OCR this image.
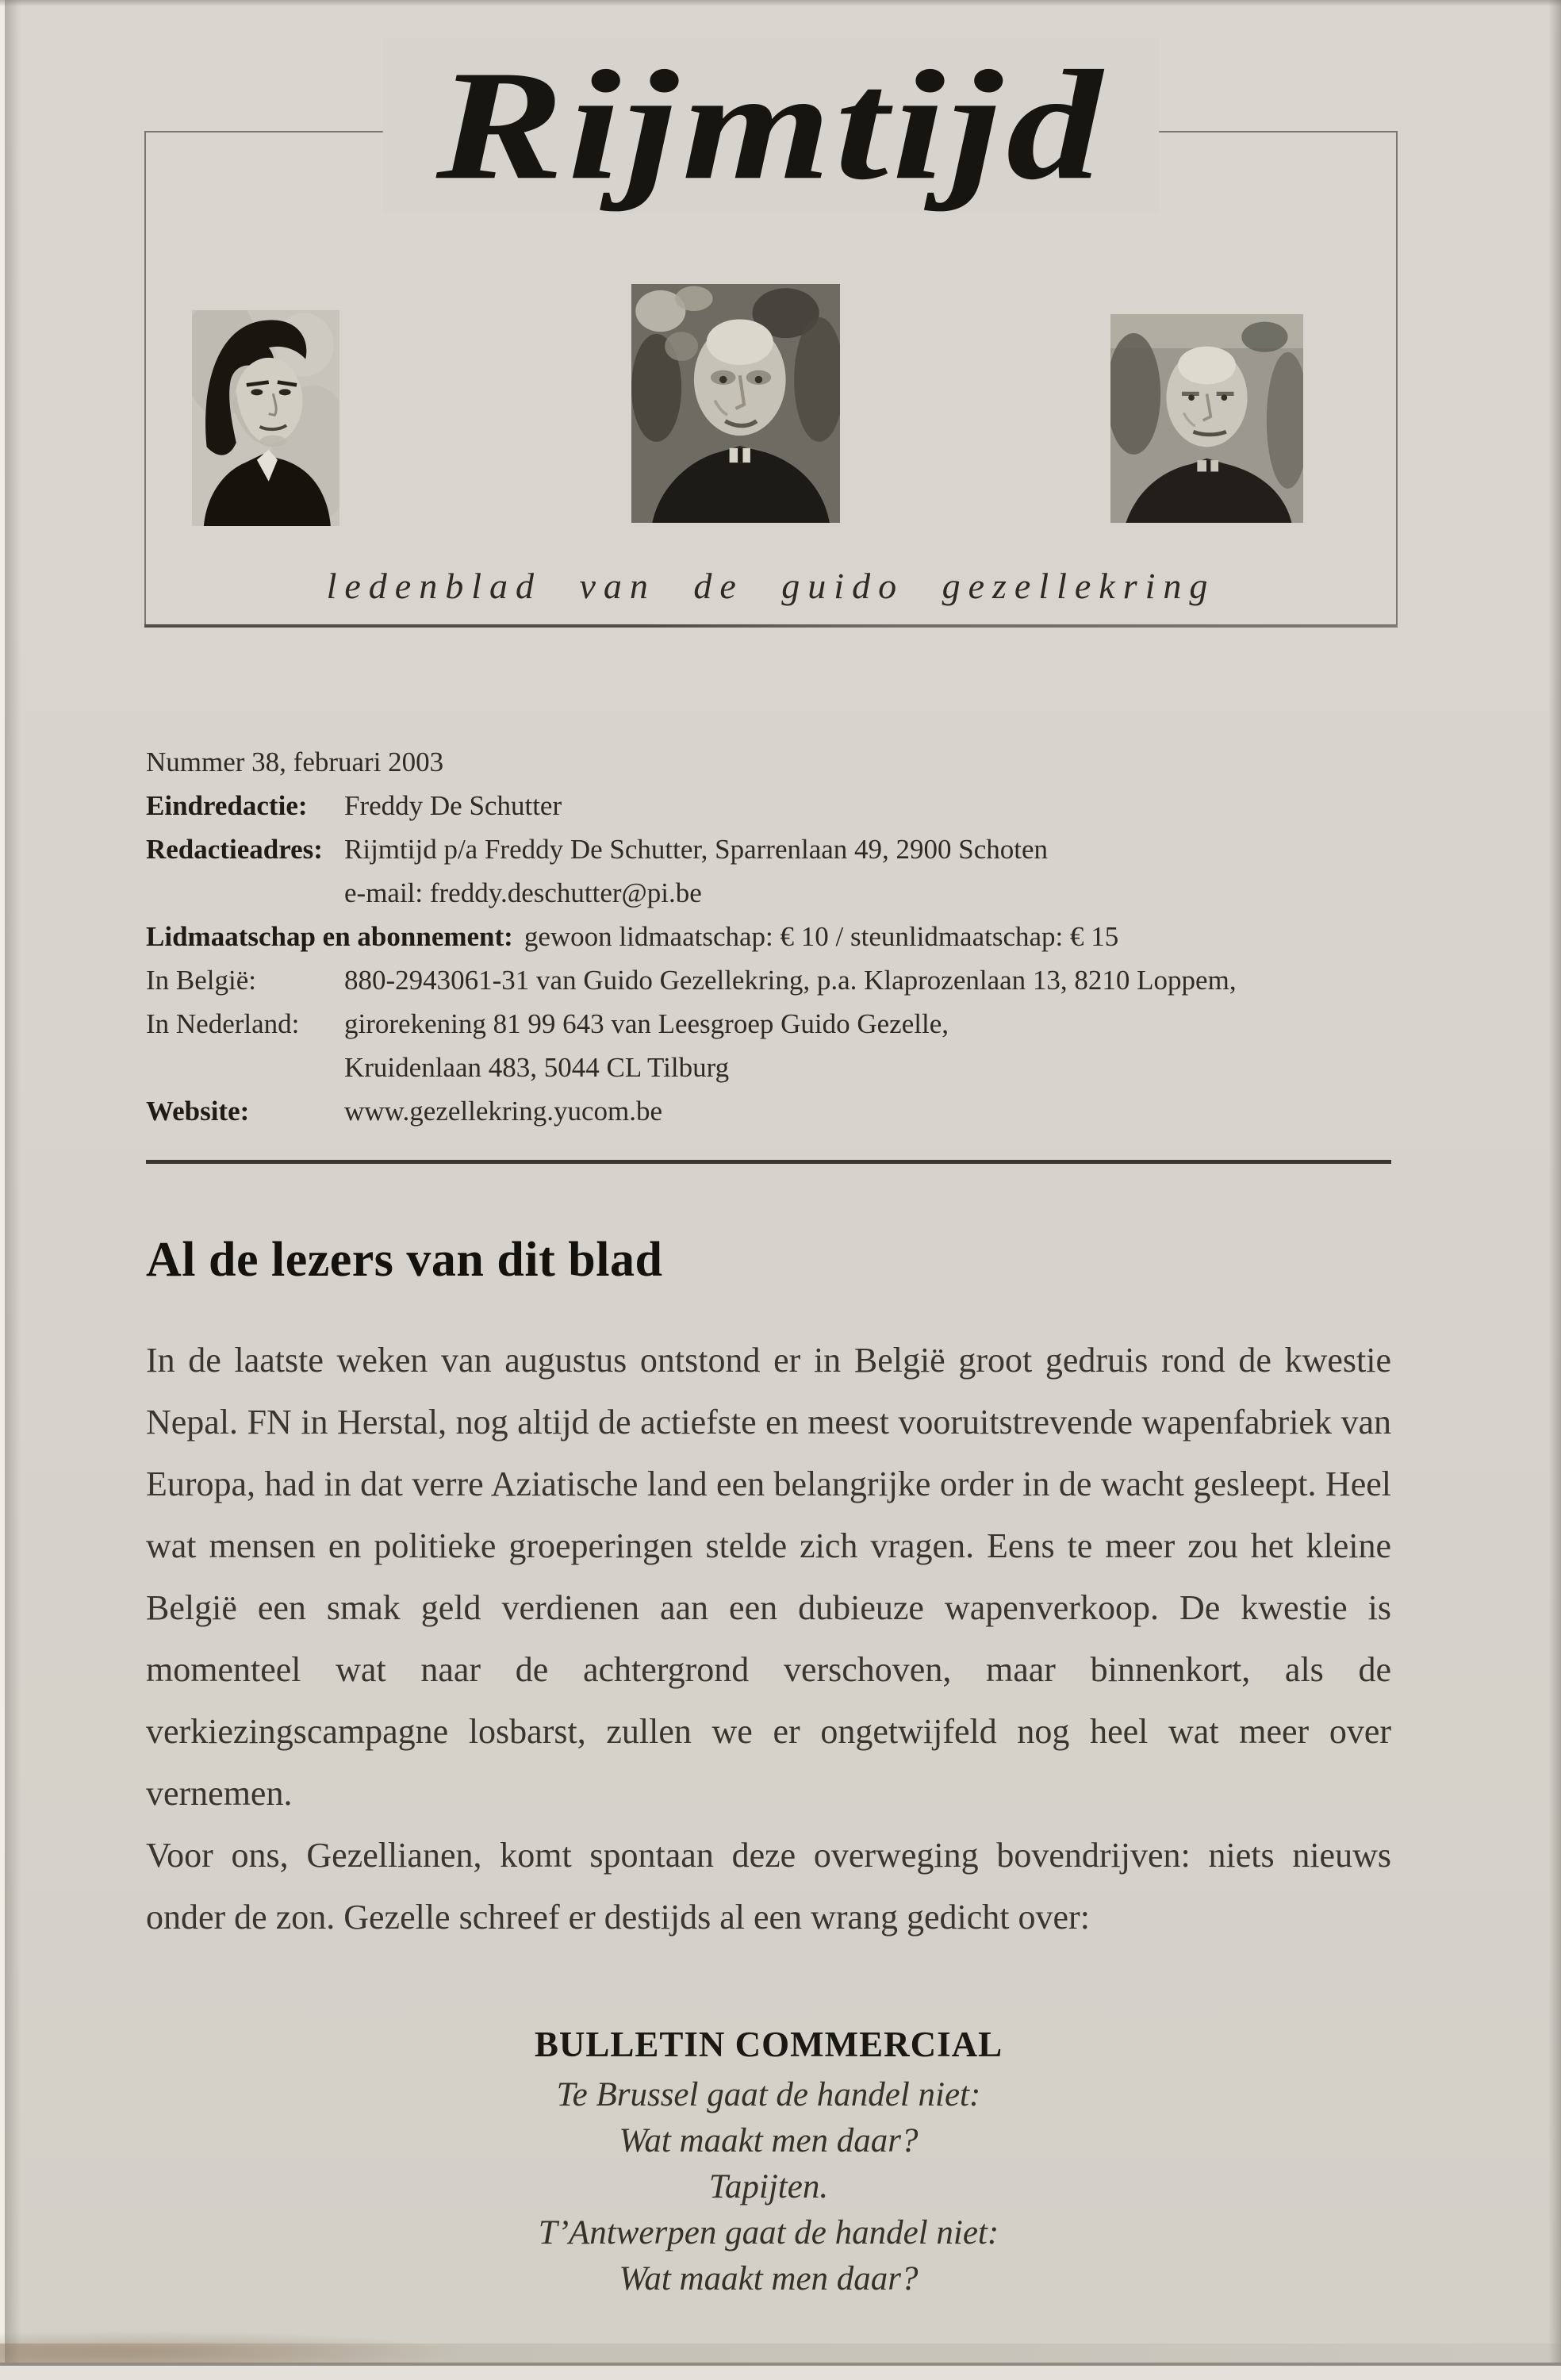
Rijmtijd
ledenblad van de guido gezellekring
Nummer 38, februari 2003
Eindredactie:	Freddy De Schutter
Redactieadres: Rijmtijd p/a Freddy De Schutter, Sparrenlaan 49, 2900 Schoten
e-mail: freddy.deschutter@pi.be
Lidmaatschap en abonnement: gewoon lidmaatschap: € 10 / steunlidmaatschap: € 15
In België:	880-2943061-31 van Guido Gezellekring, p.a. Klaprozenlaan 13, 8210 Loppem,
In Nederland:	girorekening 81 99 643 van Leesgroep Guido Gezelle,
Kruidenlaan 483, 5044 CL Tilburg
Website:	www.gezellekring.yucom.be
Al de lezers van dit blad

In de laatste weken van augustus ontstond er in België groot gedruis rond de kwestie Nepal. FN in Herstal, nog altijd de actiefste en meest vooruitstrevende wapenfabriek van Europa, had in dat verre Aziatische land een belangrijke order in de wacht gesleept. Heel wat mensen en politieke groeperingen stelde zich vragen. Eens te meer zou het kleine België een smak geld verdienen aan een dubieuze wapenverkoop. De kwestie is momenteel wat naar de achtergrond verschoven, maar binnenkort, als de verkiezingscampagne losbarst, zullen we er ongetwijfeld nog heel wat meer over vernemen.

Voor ons, Gezellianen, komt spontaan deze overweging bovendrijven: niets nieuws onder de zon. Gezelle schreef er destijds al een wrang gedicht over:

BULLETIN COMMERCIAL
Te Brussel gaat de handel niet:
Wat maakt men daar?
Tapijten.
T’Antwerpen gaat de handel niet:
Wat maakt men daar?
